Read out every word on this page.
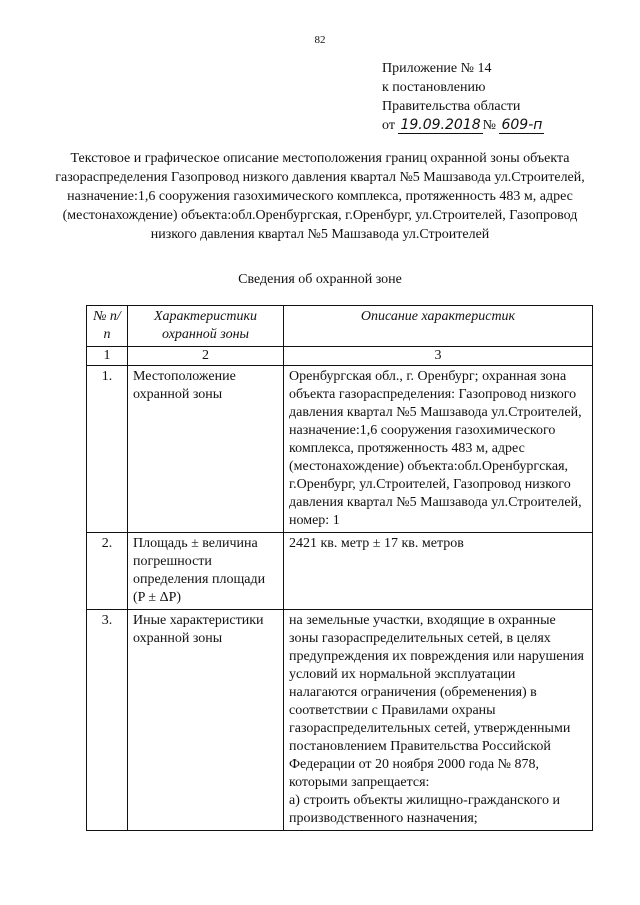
82
Приложение № 14
к постановлению
Правительства области
от 19.09.2018 № 609-п
Текстовое и графическое описание местоположения границ охранной зоны объекта газораспределения Газопровод низкого давления квартал №5 Машзавода ул.Строителей, назначение:1,6 сооружения газохимического комплекса, протяженность 483 м, адрес (местонахождение) объекта:обл.Оренбургская, г.Оренбург, ул.Строителей, Газопровод низкого давления квартал №5 Машзавода ул.Строителей
Сведения об охранной зоне
№ п/п	Характеристики охранной зоны	Описание характеристик
1	2	3
1.	Местоположение охранной зоны	Оренбургская обл., г. Оренбург; охранная зона объекта газораспределения: Газопровод низкого давления квартал №5 Машзавода ул.Строителей, назначение:1,6 сооружения газохимического комплекса, протяженность 483 м, адрес (местонахождение) объекта:обл.Оренбургская, г.Оренбург, ул.Строителей, Газопровод низкого давления квартал №5 Машзавода ул.Строителей, номер: 1
2.	Площадь ± величина погрешности определения площади (P ± ΔP)	2421 кв. метр ± 17 кв. метров
3.	Иные характеристики охранной зоны	на земельные участки, входящие в охранные зоны газораспределительных сетей, в целях предупреждения их повреждения или нарушения условий их нормальной эксплуатации налагаются ограничения (обременения) в соответствии с Правилами охраны газораспределительных сетей, утвержденными постановлением Правительства Российской Федерации от 20 ноября 2000 года № 878, которыми запрещается:
а) строить объекты жилищно-гражданского и производственного назначения;
